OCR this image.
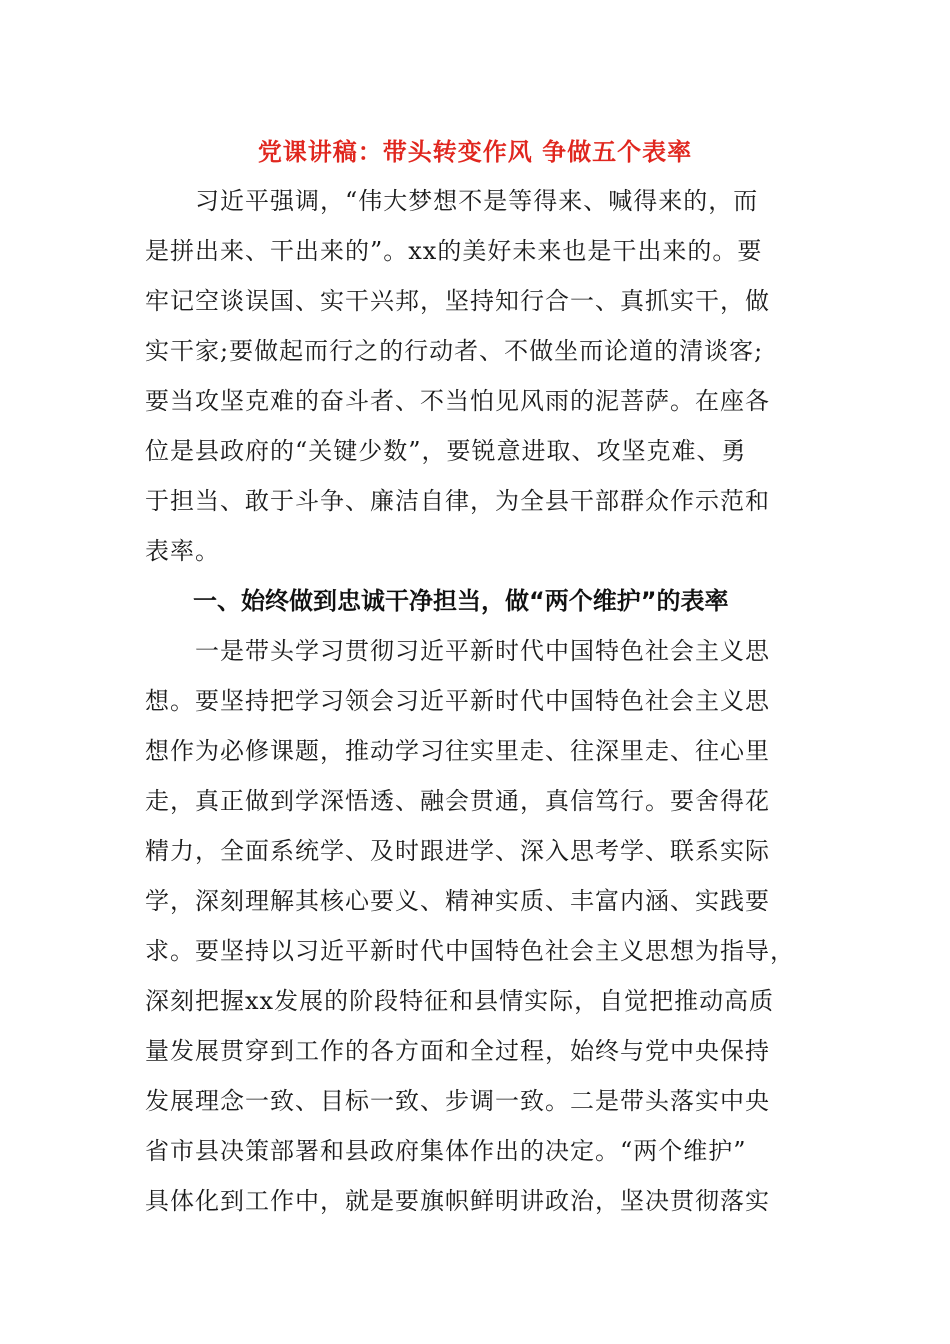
党课讲稿：带头转变作风 争做五个表率
习近平强调，“伟大梦想不是等得来、喊得来的，而
是拼出来、干出来的”。xx的美好未来也是干出来的。要
牢记空谈误国、实干兴邦，坚持知行合一、真抓实干，做
实干家;要做起而行之的行动者、不做坐而论道的清谈客;
要当攻坚克难的奋斗者、不当怕见风雨的泥菩萨。在座各
位是县政府的“关键少数”，要锐意进取、攻坚克难、勇
于担当、敢于斗争、廉洁自律，为全县干部群众作示范和
表率。
一、始终做到忠诚干净担当，做“两个维护”的表率
一是带头学习贯彻习近平新时代中国特色社会主义思
想。要坚持把学习领会习近平新时代中国特色社会主义思
想作为必修课题，推动学习往实里走、往深里走、往心里
走，真正做到学深悟透、融会贯通，真信笃行。要舍得花
精力，全面系统学、及时跟进学、深入思考学、联系实际
学，深刻理解其核心要义、精神实质、丰富内涵、实践要
求。要坚持以习近平新时代中国特色社会主义思想为指导，
深刻把握xx发展的阶段特征和县情实际，自觉把推动高质
量发展贯穿到工作的各方面和全过程，始终与党中央保持
发展理念一致、目标一致、步调一致。二是带头落实中央
省市县决策部署和县政府集体作出的决定。“两个维护”
具体化到工作中，就是要旗帜鲜明讲政治，坚决贯彻落实
